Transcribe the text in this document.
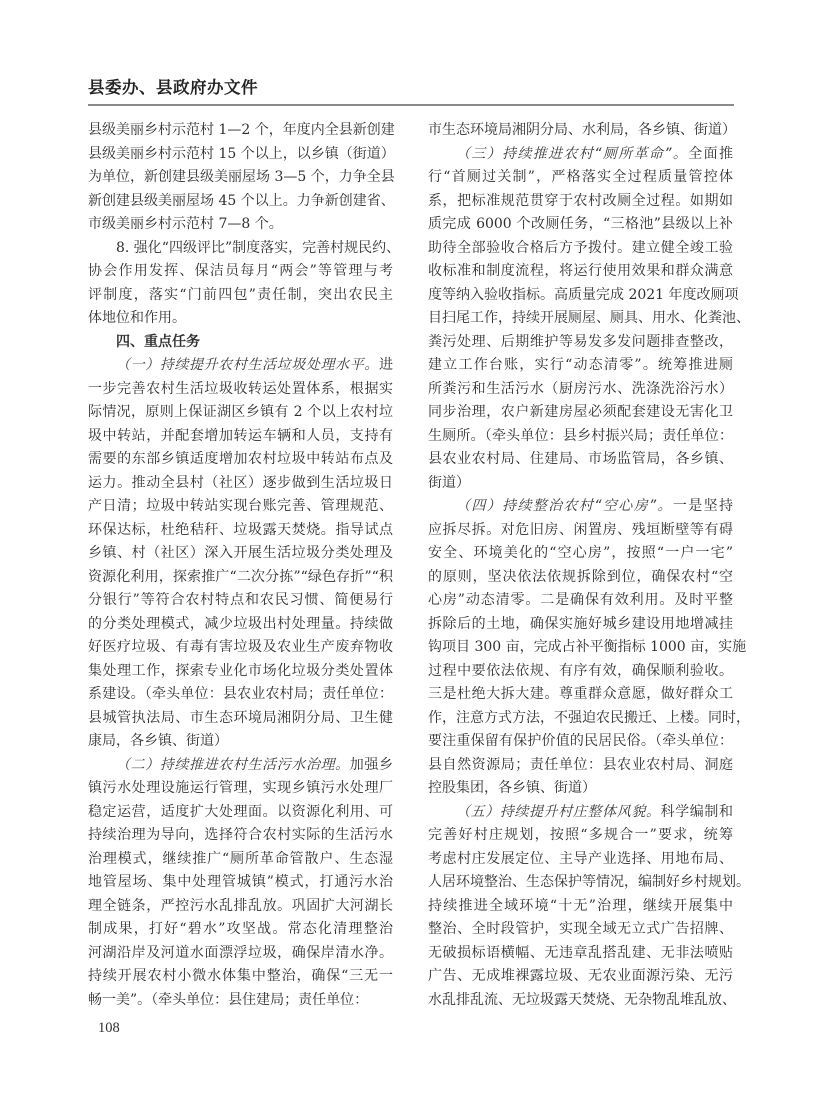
县委办、县政府办文件
县级美丽乡村示范村 1—2 个，年度内全县新创建
县级美丽乡村示范村 15 个以上，以乡镇（街道）
为单位，新创建县级美丽屋场 3—5 个，力争全县
新创建县级美丽屋场 45 个以上。力争新创建省、
市级美丽乡村示范村 7—8 个。
8. 强化“四级评比”制度落实，完善村规民约、
协会作用发挥、保洁员每月“两会”等管理与考
评制度，落实“门前四包”责任制，突出农民主
体地位和作用。
四、重点任务
（一）持续提升农村生活垃圾处理水平。进
一步完善农村生活垃圾收转运处置体系，根据实
际情况，原则上保证湖区乡镇有 2 个以上农村垃
圾中转站，并配套增加转运车辆和人员，支持有
需要的东部乡镇适度增加农村垃圾中转站布点及
运力。推动全县村（社区）逐步做到生活垃圾日
产日清；垃圾中转站实现台账完善、管理规范、
环保达标，杜绝秸秆、垃圾露天焚烧。指导试点
乡镇、村（社区）深入开展生活垃圾分类处理及
资源化利用，探索推广“二次分拣”“绿色存折”“积
分银行”等符合农村特点和农民习惯、简便易行
的分类处理模式，减少垃圾出村处理量。持续做
好医疗垃圾、有毒有害垃圾及农业生产废弃物收
集处理工作，探索专业化市场化垃圾分类处置体
系建设。（牵头单位：县农业农村局；责任单位：
县城管执法局、市生态环境局湘阴分局、卫生健
康局，各乡镇、街道）
（二）持续推进农村生活污水治理。加强乡
镇污水处理设施运行管理，实现乡镇污水处理厂
稳定运营，适度扩大处理面。以资源化利用、可
持续治理为导向，选择符合农村实际的生活污水
治理模式，继续推广“厕所革命管散户、生态湿
地管屋场、集中处理管城镇”模式，打通污水治
理全链条，严控污水乱排乱放。巩固扩大河湖长
制成果，打好“碧水”攻坚战。常态化清理整治
河湖沿岸及河道水面漂浮垃圾，确保岸清水净。
持续开展农村小微水体集中整治，确保“三无一
畅一美”。（牵头单位：县住建局；责任单位：
市生态环境局湘阴分局、水利局，各乡镇、街道）
（三）持续推进农村“厕所革命”。全面推
行“首厕过关制”，严格落实全过程质量管控体
系，把标准规范贯穿于农村改厕全过程。如期如
质完成 6000 个改厕任务，“三格池”县级以上补
助待全部验收合格后方予拨付。建立健全竣工验
收标准和制度流程，将运行使用效果和群众满意
度等纳入验收指标。高质量完成 2021 年度改厕项
目扫尾工作，持续开展厕屋、厕具、用水、化粪池、
粪污处理、后期维护等易发多发问题排查整改，
建立工作台账，实行“动态清零”。统筹推进厕
所粪污和生活污水（厨房污水、洗涤洗浴污水）
同步治理，农户新建房屋必须配套建设无害化卫
生厕所。（牵头单位：县乡村振兴局；责任单位：
县农业农村局、住建局、市场监管局，各乡镇、
街道）
（四）持续整治农村“空心房”。一是坚持
应拆尽拆。对危旧房、闲置房、残垣断壁等有碍
安全、环境美化的“空心房”，按照“一户一宅”
的原则，坚决依法依规拆除到位，确保农村“空
心房”动态清零。二是确保有效利用。及时平整
拆除后的土地，确保实施好城乡建设用地增减挂
钩项目 300 亩，完成占补平衡指标 1000 亩，实施
过程中要依法依规、有序有效，确保顺利验收。
三是杜绝大拆大建。尊重群众意愿，做好群众工
作，注意方式方法，不强迫农民搬迁、上楼。同时，
要注重保留有保护价值的民居民俗。（牵头单位：
县自然资源局；责任单位：县农业农村局、洞庭
控股集团，各乡镇、街道）
（五）持续提升村庄整体风貌。科学编制和
完善好村庄规划，按照“多规合一”要求，统筹
考虑村庄发展定位、主导产业选择、用地布局、
人居环境整治、生态保护等情况，编制好乡村规划。
持续推进全域环境“十无”治理，继续开展集中
整治、全时段管护，实现全域无立式广告招牌、
无破损标语横幅、无违章乱搭乱建、无非法喷贴
广告、无成堆裸露垃圾、无农业面源污染、无污
水乱排乱流、无垃圾露天焚烧、无杂物乱堆乱放、
108
